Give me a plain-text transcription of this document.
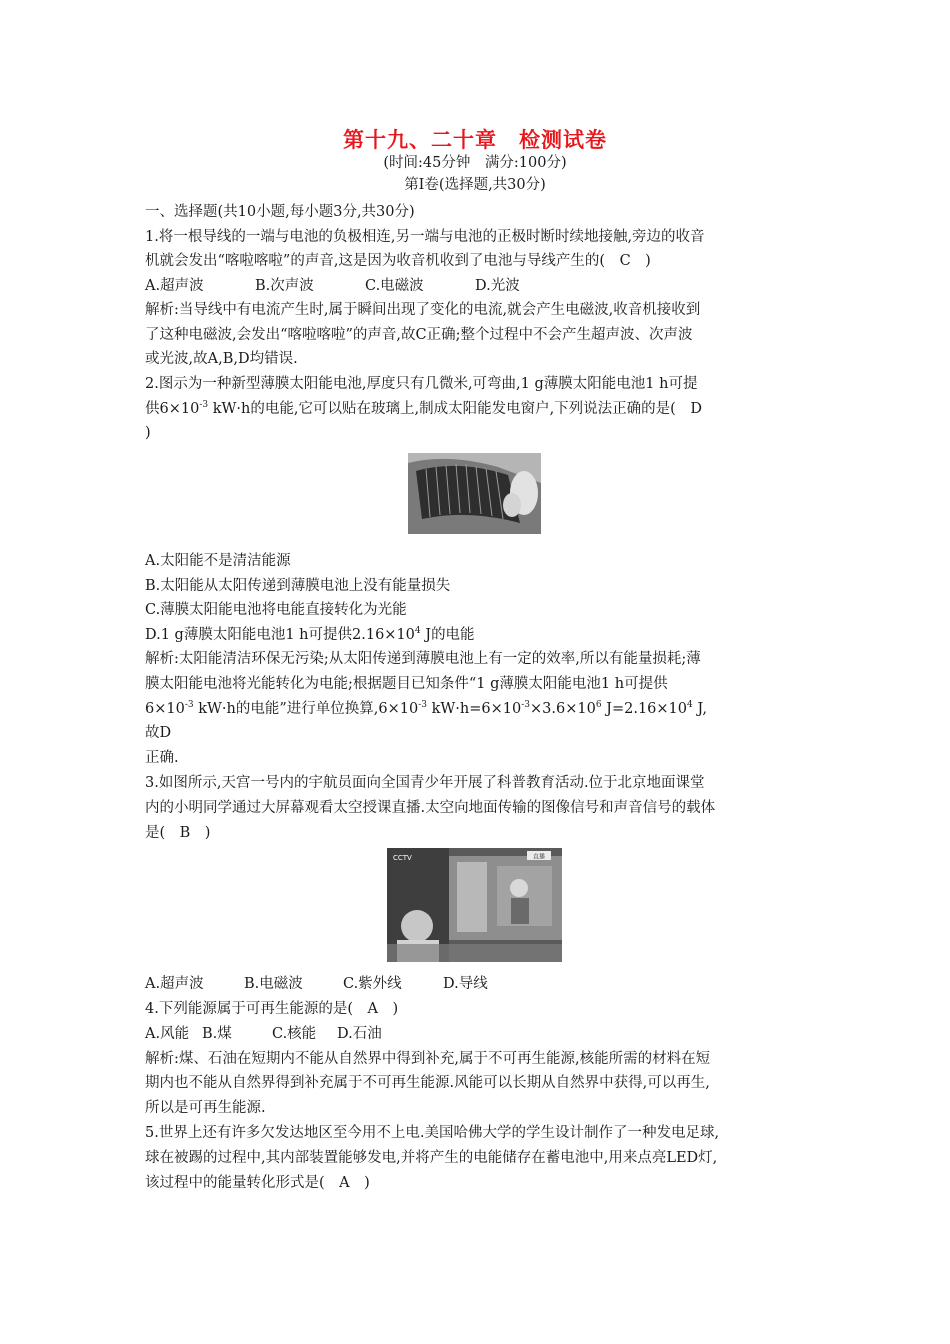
第十九、二十章　检测试卷
(时间:45分钟　满分:100分)
第Ⅰ卷(选择题,共30分)
一、选择题(共10小题,每小题3分,共30分)
1.将一根导线的一端与电池的负极相连,另一端与电池的正极时断时续地接触,旁边的收音
机就会发出“喀啦喀啦”的声音,这是因为收音机收到了电池与导线产生的(　C　)
A.超声波	B.次声波	C.电磁波	D.光波
解析:当导线中有电流产生时,属于瞬间出现了变化的电流,就会产生电磁波,收音机接收到
了这种电磁波,会发出“喀啦喀啦”的声音,故C正确;整个过程中不会产生超声波、次声波
或光波,故A,B,D均错误.
2.图示为一种新型薄膜太阳能电池,厚度只有几微米,可弯曲,1 g薄膜太阳能电池1 h可提
供$6\times 10^{-3}$ kW·h的电能,它可以贴在玻璃上,制成太阳能发电窗户,下列说法正确的是(　D
)
A.太阳能不是清洁能源
B.太阳能从太阳传递到薄膜电池上没有能量损失
C.薄膜太阳能电池将电能直接转化为光能
D.1 g薄膜太阳能电池1 h可提供$2.16\times 10^4$ J的电能
解析:太阳能清洁环保无污染;从太阳传递到薄膜电池上有一定的效率,所以有能量损耗;薄
膜太阳能电池将光能转化为电能;根据题目已知条件“1 g薄膜太阳能电池1 h可提供
$6\times 10^{-3}$ kW·h的电能”进行单位换算$,6\times 10^{-3}$ $kW\cdot h=6\times 10^{-3}\times 3.6\times 10^6$ $J=2.16\times 10^4$ J,
故D
正确.
3.如图所示,天宫一号内的宇航员面向全国青少年开展了科普教育活动.位于北京地面课堂
内的小明同学通过大屏幕观看太空授课直播.太空向地面传输的图像信号和声音信号的载体
是(　B　)
直播
CCTV
A.超声波	B.电磁波	C.紫外线	D.导线
4.下列能源属于可再生能源的是(　A　)
A.风能 B.煤	C.核能 D.石油
解析:煤、石油在短期内不能从自然界中得到补充,属于不可再生能源,核能所需的材料在短
期内也不能从自然界得到补充属于不可再生能源.风能可以长期从自然界中获得,可以再生,
所以是可再生能源.
5.世界上还有许多欠发达地区至今用不上电.美国哈佛大学的学生设计制作了一种发电足球,
球在被踢的过程中,其内部装置能够发电,并将产生的电能储存在蓄电池中,用来点亮LED灯,
该过程中的能量转化形式是(　A　)
